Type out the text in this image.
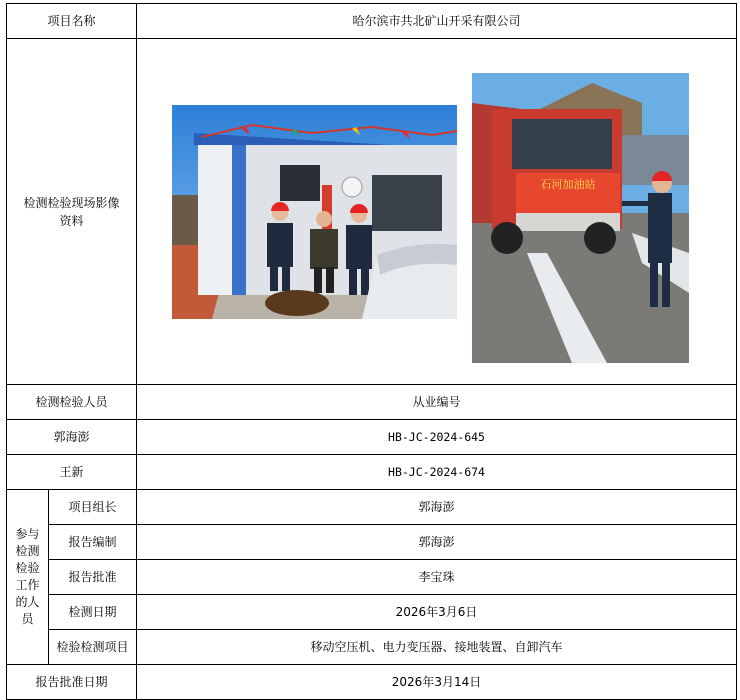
项目名称		哈尔滨市共北矿山开采有限公司

检测检验现场影像资料		石河加油站

检测检验人员		从业编号
郭海澎		HB-JC-2024-645
王新		HB-JC-2024-674

参与检测检验工作的人员	项目组长	郭海澎
	报告编制	郭海澎
	报告批准	李宝珠
	检测日期	2026年3月6日
	检验检测项目	移动空压机、电力变压器、接地装置、自卸汽车
报告批准日期		2026年3月14日
